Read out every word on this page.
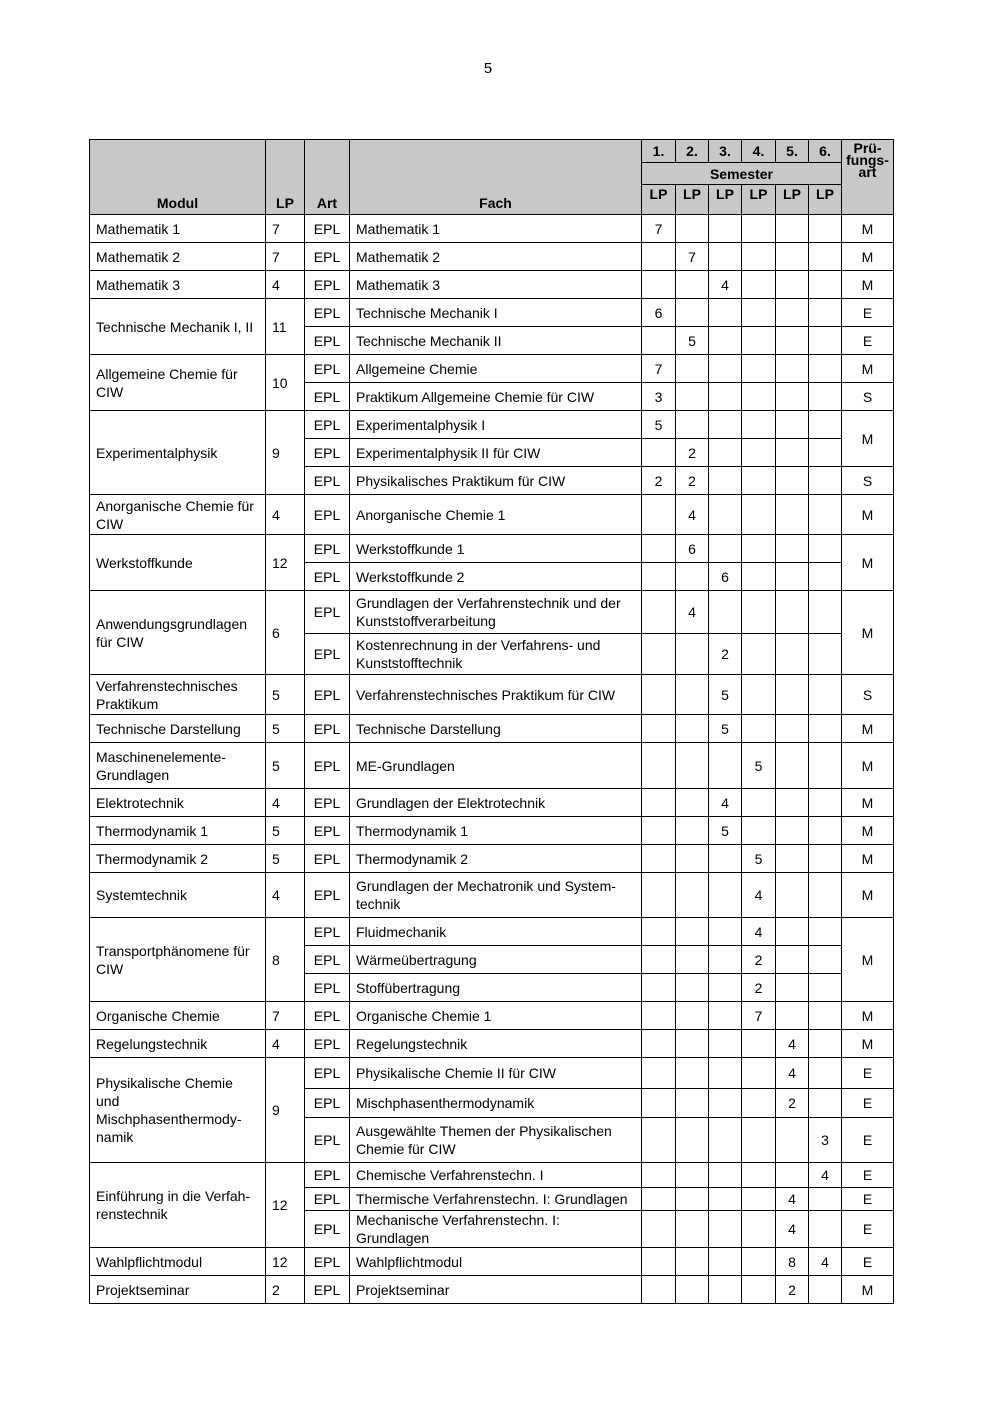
5
Modul	LP	Art	Fach	1.	2.	3.	4.	5.	6.	Prü-
fungs-
art

				Semester						
				LP	LP	LP	LP	LP	LP	
Mathematik 1	7	EPL	Mathematik 1	7						M
Mathematik 2	7	EPL	Mathematik 2		7					M
Mathematik 3	4	EPL	Mathematik 3			4				M
Technische Mechanik I, II	11	EPL	Technische Mechanik I	6						E
		EPL	Technische Mechanik II		5					E
Allgemeine Chemie für CIW	10	EPL	Allgemeine Chemie	7						M
		EPL	Praktikum Allgemeine Chemie für CIW	3						S
Experimentalphysik	9	EPL	Experimentalphysik I	5						M
		EPL	Experimentalphysik II für CIW		2					
		EPL	Physikalisches Praktikum für CIW	2	2					S
Anorganische Chemie für CIW	4	EPL	Anorganische Chemie 1		4					M
Werkstoffkunde	12	EPL	Werkstoffkunde 1		6					M
		EPL	Werkstoffkunde 2			6				
Anwendungsgrundlagen für CIW	6	EPL	Grundlagen der Verfahrenstechnik und der Kunststoffverarbeitung		4					M
		EPL	Kostenrechnung in der Verfahrens- und Kunststofftechnik			2				
Verfahrenstechnisches Praktikum	5	EPL	Verfahrenstechnisches Praktikum für CIW			5				S
Technische Darstellung	5	EPL	Technische Darstellung			5				M
Maschinenelemente-Grundlagen	5	EPL	ME-Grundlagen				5			M
Elektrotechnik	4	EPL	Grundlagen der Elektrotechnik			4				M
Thermodynamik 1	5	EPL	Thermodynamik 1			5				M
Thermodynamik 2	5	EPL	Thermodynamik 2				5			M
Systemtechnik	4	EPL	Grundlagen der Mechatronik und System-technik				4			M
Transportphänomene für CIW	8	EPL	Fluidmechanik				4			M
		EPL	Wärmeübertragung				2			
		EPL	Stoffübertragung				2			
Organische Chemie	7	EPL	Organische Chemie 1				7			M
Regelungstechnik	4	EPL	Regelungstechnik					4		M
Physikalische Chemie und Mischphasenthermody-namik	9	EPL	Physikalische Chemie II für CIW					4		E
		EPL	Mischphasenthermodynamik					2		E
		EPL	Ausgewählte Themen der Physikalischen Chemie für CIW						3	E
Einführung in die Verfah-renstechnik	12	EPL	Chemische Verfahrenstechn. I						4	E
		EPL	Thermische Verfahrenstechn. I: Grundlagen					4		E
		EPL	Mechanische Verfahrenstechn. I: Grundlagen					4		E
Wahlpflichtmodul	12	EPL	Wahlpflichtmodul					8	4	E
Projektseminar	2	EPL	Projektseminar					2		M
